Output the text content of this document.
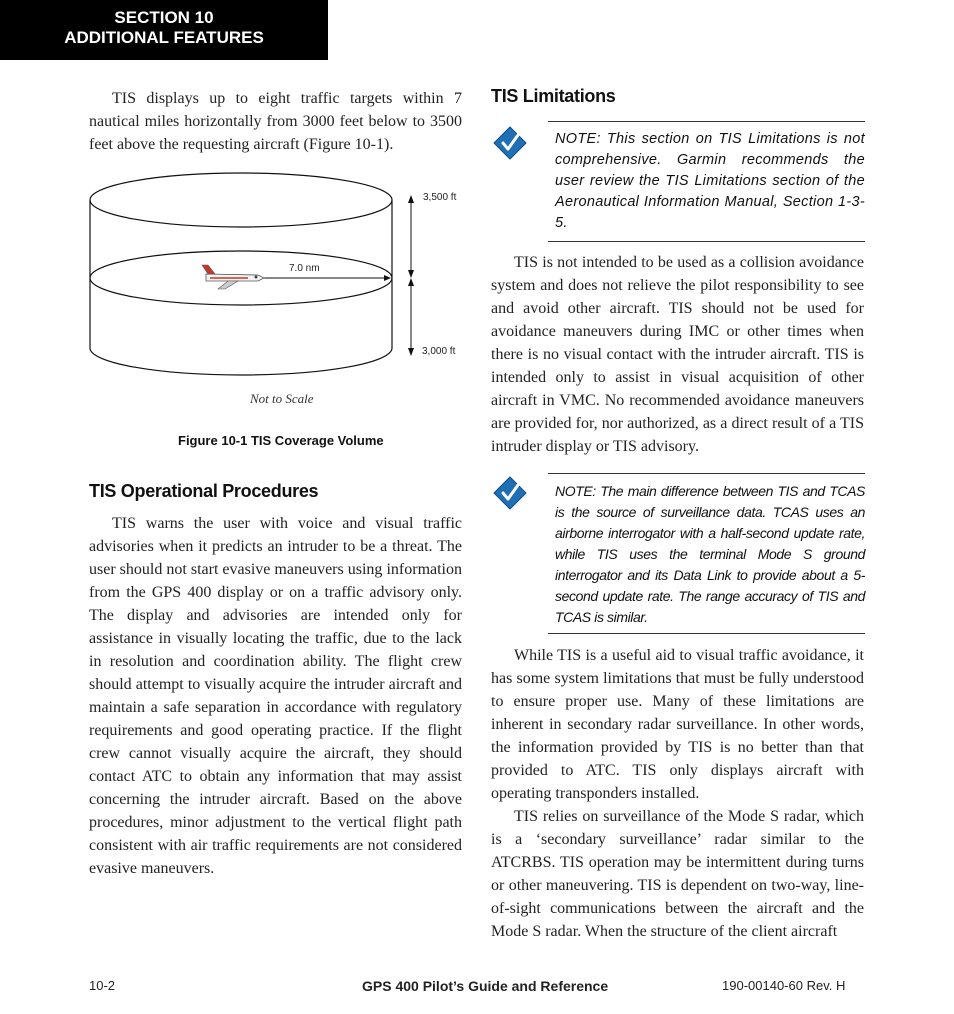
SECTION 10
ADDITIONAL FEATURES

TIS displays up to eight traffic targets within 7 nautical miles horizontally from 3000 feet below to 3500 feet above the requesting aircraft (Figure 10-1).

3,500 ft
7.0 nm
3,000 ft
Not to Scale
Figure 10-1 TIS Coverage Volume
TIS Operational Procedures

TIS warns the user with voice and visual traffic advisories when it predicts an intruder to be a threat. The user should not start evasive maneuvers using information from the GPS 400 display or on a traffic advisory only. The display and advisories are intended only for assistance in visually locating the traffic, due to the lack in resolution and coordination ability. The flight crew should attempt to visually acquire the intruder aircraft and maintain a safe separation in accordance with regulatory requirements and good operating practice. If the flight crew cannot visually acquire the aircraft, they should contact ATC to obtain any information that may assist concerning the intruder aircraft. Based on the above procedures, minor adjustment to the vertical flight path consistent with air traffic requirements are not considered evasive maneuvers.

TIS Limitations

NOTE: This section on TIS Limitations is not comprehensive. Garmin recommends the user review the TIS Limitations section of the Aeronautical Information Manual, Section 1-3-5.

TIS is not intended to be used as a collision avoidance system and does not relieve the pilot responsibility to see and avoid other aircraft. TIS should not be used for avoidance maneuvers during IMC or other times when there is no visual contact with the intruder aircraft. TIS is intended only to assist in visual acquisition of other aircraft in VMC. No recommended avoidance maneuvers are provided for, nor authorized, as a direct result of a TIS intruder display or TIS advisory.

NOTE: The main difference between TIS and TCAS is the source of surveillance data. TCAS uses an airborne interrogator with a half-second update rate, while TIS uses the terminal Mode S ground interrogator and its Data Link to provide about a 5-second update rate. The range accuracy of TIS and TCAS is similar.

While TIS is a useful aid to visual traffic avoidance, it has some system limitations that must be fully understood to ensure proper use. Many of these limitations are inherent in secondary radar surveillance. In other words, the information provided by TIS is no better than that provided to ATC. TIS only displays aircraft with operating transponders installed.

TIS relies on surveillance of the Mode S radar, which is a ‘secondary surveillance’ radar similar to the ATCRBS. TIS operation may be intermittent during turns or other maneuvering. TIS is dependent on two-way, line-of-sight communications between the aircraft and the Mode S radar. When the structure of the client aircraft

10-2	GPS 400 Pilot’s Guide and Reference	190-00140-60 Rev. H
